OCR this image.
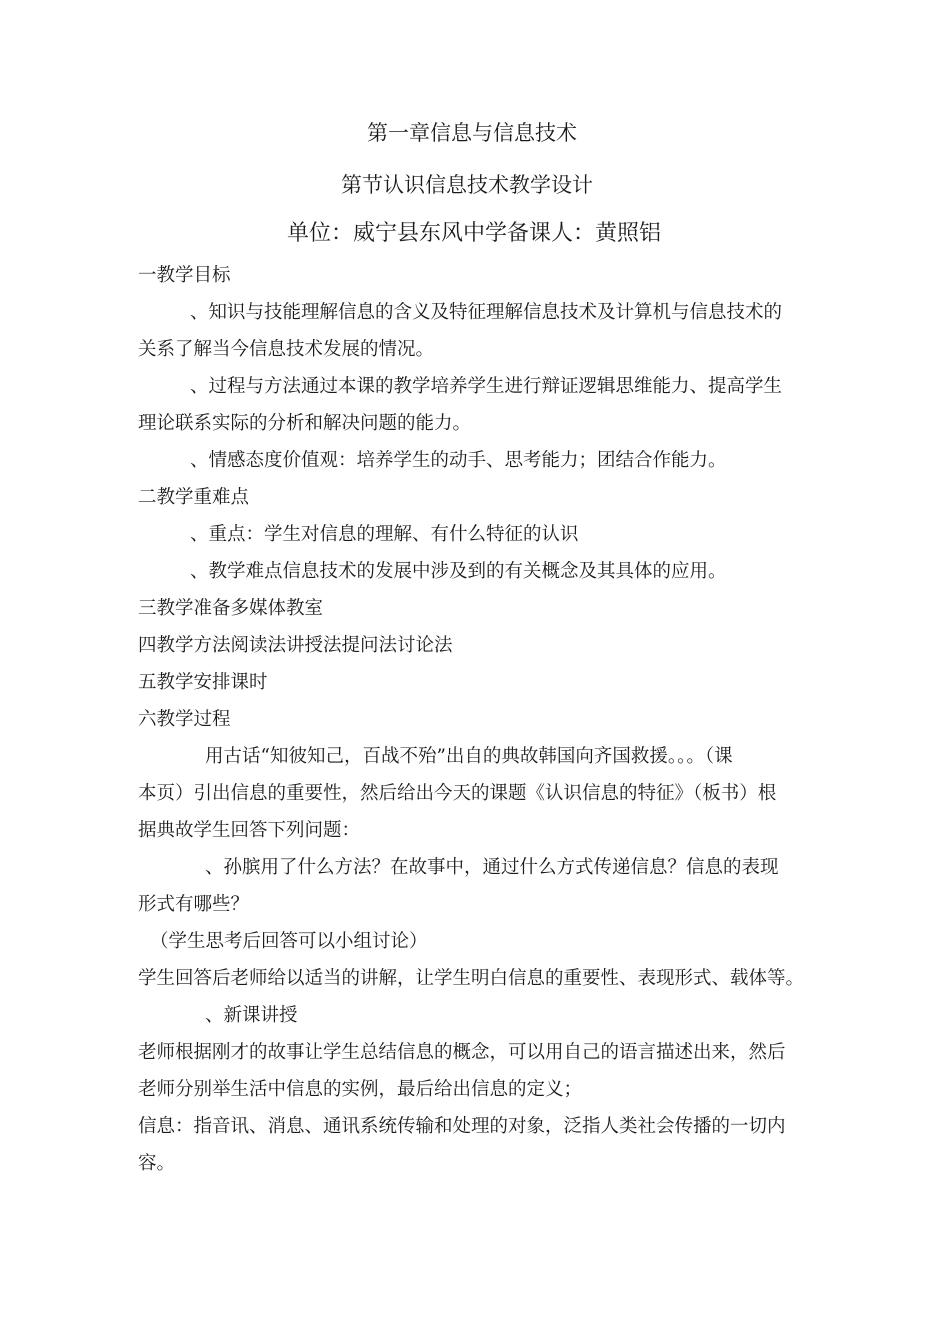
第一章信息与信息技术
第节认识信息技术教学设计
单位：威宁县东风中学备课人：黄照铝
一教学目标
、知识与技能理解信息的含义及特征理解信息技术及计算机与信息技术的
关系了解当今信息技术发展的情况。
、过程与方法通过本课的教学培养学生进行辩证逻辑思维能力、提高学生
理论联系实际的分析和解决问题的能力。
、情感态度价值观：培养学生的动手、思考能力；团结合作能力。
二教学重难点
、重点：学生对信息的理解、有什么特征的认识
、教学难点信息技术的发展中涉及到的有关概念及其具体的应用。
三教学准备多媒体教室
四教学方法阅读法讲授法提问法讨论法
五教学安排课时
六教学过程
用古话“知彼知己，百战不殆”出自的典故韩国向齐国救援。。。（课
本页）引出信息的重要性，然后给出今天的课题《认识信息的特征》（板书）根
据典故学生回答下列问题：
、孙膑用了什么方法？在故事中，通过什么方式传递信息？信息的表现
形式有哪些？
（学生思考后回答可以小组讨论）
学生回答后老师给以适当的讲解，让学生明白信息的重要性、表现形式、载体等。
、新课讲授
老师根据刚才的故事让学生总结信息的概念，可以用自己的语言描述出来，然后
老师分别举生活中信息的实例，最后给出信息的定义；
信息：指音讯、消息、通讯系统传输和处理的对象，泛指人类社会传播的一切内
容。
